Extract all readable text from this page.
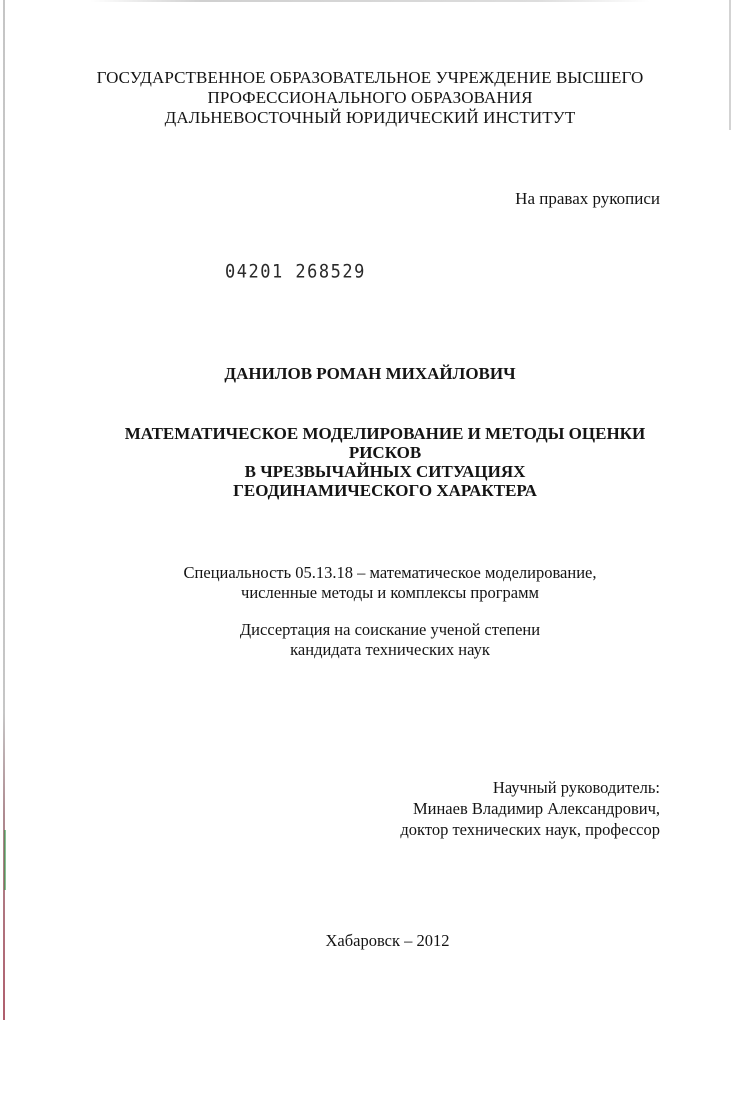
ГОСУДАРСТВЕННОЕ ОБРАЗОВАТЕЛЬНОЕ УЧРЕЖДЕНИЕ ВЫСШЕГО
ПРОФЕССИОНАЛЬНОГО ОБРАЗОВАНИЯ
ДАЛЬНЕВОСТОЧНЫЙ ЮРИДИЧЕСКИЙ ИНСТИТУТ
На правах рукописи
04201 268529
ДАНИЛОВ РОМАН МИХАЙЛОВИЧ
МАТЕМАТИЧЕСКОЕ МОДЕЛИРОВАНИЕ И МЕТОДЫ ОЦЕНКИ
РИСКОВ
В ЧРЕЗВЫЧАЙНЫХ СИТУАЦИЯХ
ГЕОДИНАМИЧЕСКОГО ХАРАКТЕРА
Специальность 05.13.18 – математическое моделирование,
численные методы и комплексы программ
Диссертация на соискание ученой степени
кандидата технических наук
Научный руководитель:
Минаев Владимир Александрович,
доктор технических наук, профессор
Хабаровск – 2012
